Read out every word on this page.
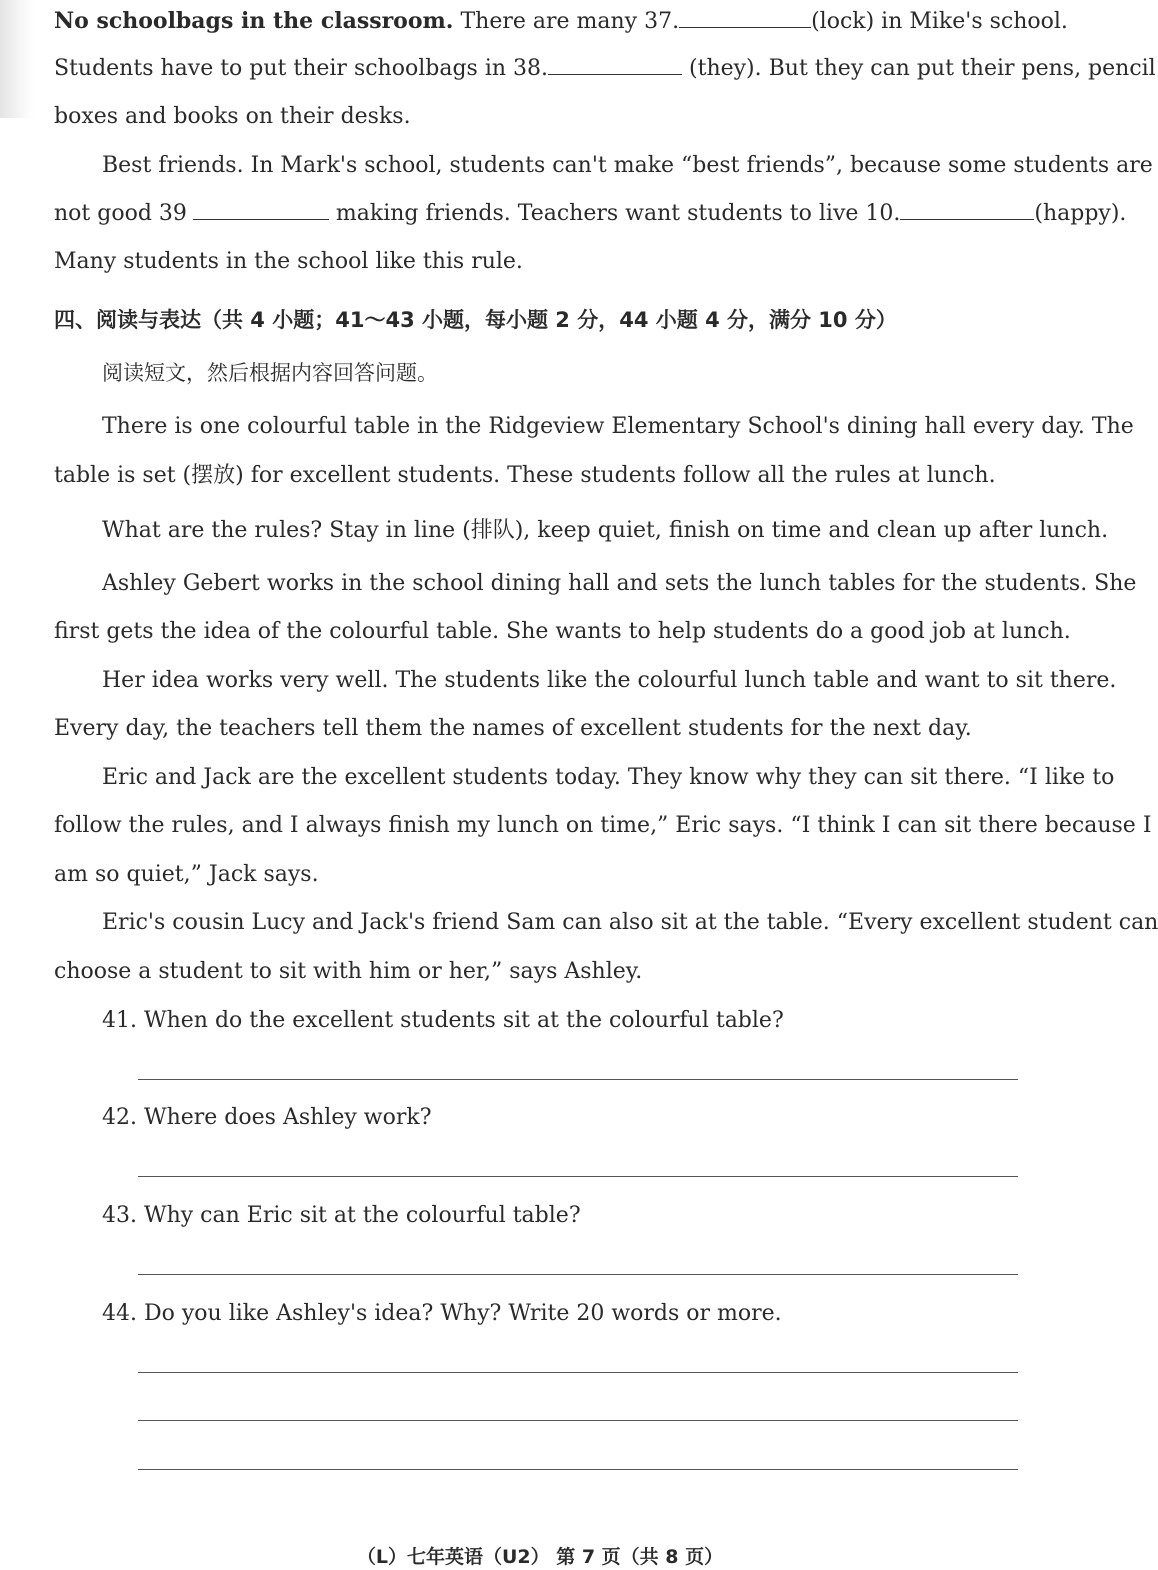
No schoolbags in the classroom. There are many 37.	(lock) in Mike's school.
Students have to put their schoolbags in 38.	(they). But they can put their pens, pencil
boxes and books on their desks.
Best friends. In Mark's school, students can't make “best friends”, because some students are
not good 39	making friends. Teachers want students to live 10.	(happy).
Many students in the school like this rule.
四、阅读与表达（共 4 小题；41～43 小题，每小题 2 分，44 小题 4 分，满分 10 分）
阅读短文，然后根据内容回答问题。
There is one colourful table in the Ridgeview Elementary School's dining hall every day. The
table is set (摆放) for excellent students. These students follow all the rules at lunch.
What are the rules? Stay in line (排队), keep quiet, finish on time and clean up after lunch.
Ashley Gebert works in the school dining hall and sets the lunch tables for the students. She
first gets the idea of the colourful table. She wants to help students do a good job at lunch.
Her idea works very well. The students like the colourful lunch table and want to sit there.
Every day, the teachers tell them the names of excellent students for the next day.
Eric and Jack are the excellent students today. They know why they can sit there. “I like to
follow the rules, and I always finish my lunch on time,” Eric says. “I think I can sit there because I
am so quiet,” Jack says.
Eric's cousin Lucy and Jack's friend Sam can also sit at the table. “Every excellent student can
choose a student to sit with him or her,” says Ashley.
41. When do the excellent students sit at the colourful table?
42. Where does Ashley work?
43. Why can Eric sit at the colourful table?
44. Do you like Ashley's idea? Why? Write 20 words or more.
（L）七年英语（U2） 第 7 页（共 8 页）
